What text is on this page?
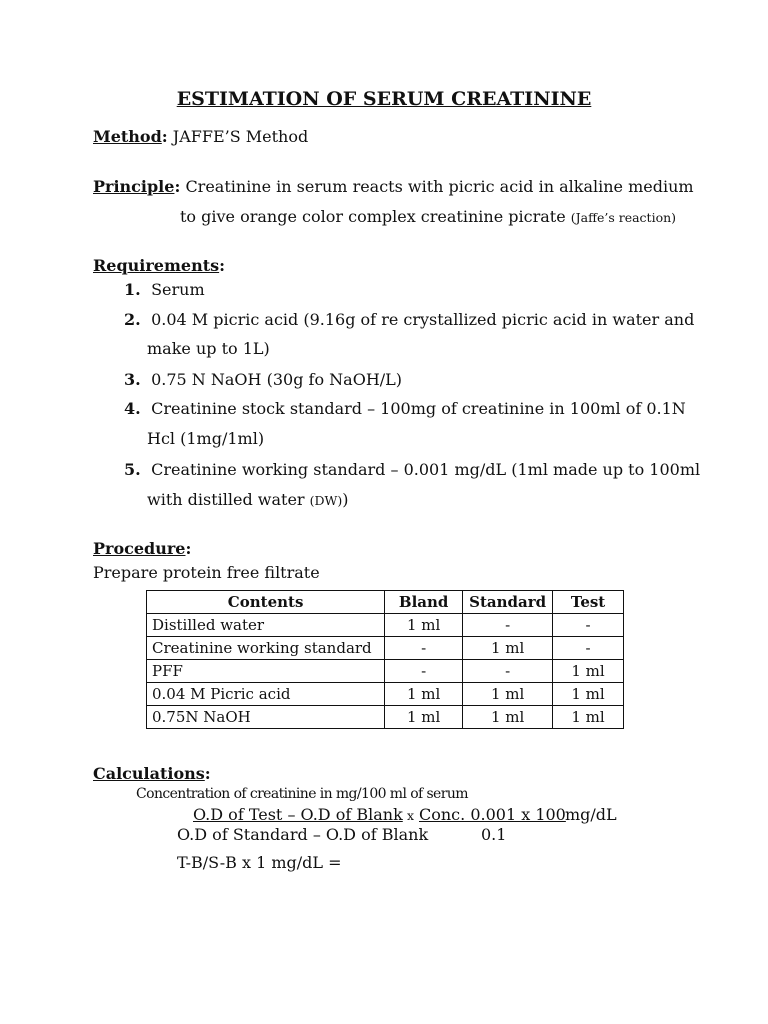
ESTIMATION OF SERUM CREATININE
Method: JAFFE’S Method
Principle: Creatinine in serum reacts with picric acid in alkaline medium
to give orange color complex creatinine picrate (Jaffe’s reaction)
Requirements:
1. Serum
2. 0.04 M picric acid (9.16g of re crystallized picric acid in water and
make up to 1L)
3. 0.75 N NaOH (30g fo NaOH/L)
4. Creatinine stock standard – 100mg of creatinine in 100ml of 0.1N
Hcl (1mg/1ml)
5. Creatinine working standard – 0.001 mg/dL (1ml made up to 100ml
with distilled water (DW))
Procedure:
Prepare protein free filtrate
Contents	Bland	Standard	Test
Distilled water	1 ml	-	-
Creatinine working standard	-	1 ml	-
PFF	-	-	1 ml
0.04 M Picric acid	1 ml	1 ml	1 ml
0.75N NaOH	1 ml	1 ml	1 ml
Calculations:
Concentration of creatinine in mg/100 ml of serum
O.D of Test – O.D of Blank x Conc. 0.001 x 100 mg/dL
O.D of Standard – O.D of Blank	0.1
T-B/S-B x 1 mg/dL =
